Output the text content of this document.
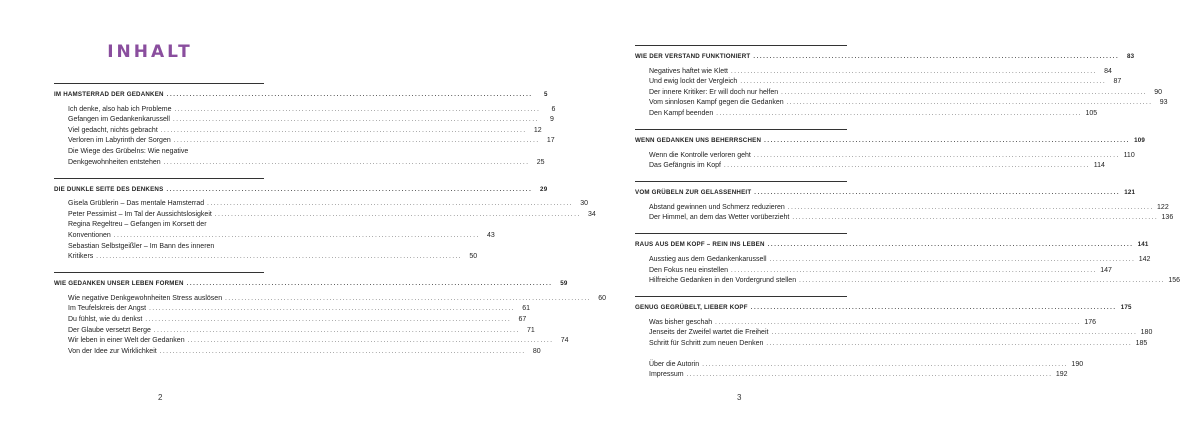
INHALT
IM HAMSTERRAD DER GEDANKEN .....	5
Ich denke, also hab ich Probleme .....	6
Gefangen im Gedankenkarussell .....	9
Viel gedacht, nichts gebracht .....	12
Verloren im Labyrinth der Sorgen .....	17
Die Wiege des Grübelns: Wie negative
Denkgewohnheiten entstehen .....	25
DIE DUNKLE SEITE DES DENKENS .....	29
Gisela Grüblerin – Das mentale Hamsterrad .....	30
Peter Pessimist – Im Tal der Aussichtslosigkeit .....	34
Regina Regeltreu – Gefangen im Korsett der
Konventionen .....	43
Sebastian Selbstgeißler – Im Bann des inneren
Kritikers .....	50
WIE GEDANKEN UNSER LEBEN FORMEN .....	59
Wie negative Denkgewohnheiten Stress auslösen .....	60
Im Teufelskreis der Angst .....	61
Du fühlst, wie du denkst .....	67
Der Glaube versetzt Berge .....	71
Wir leben in einer Welt der Gedanken .....	74
Von der Idee zur Wirklichkeit .....	80
2
WIE DER VERSTAND FUNKTIONIERT .....	83
Negatives haftet wie Klett .....	84
Und ewig lockt der Vergleich .....	87
Der innere Kritiker: Er will doch nur helfen .....	90
Vom sinnlosen Kampf gegen die Gedanken .....	93
Den Kampf beenden .....	105
WENN GEDANKEN UNS BEHERRSCHEN .....	109
Wenn die Kontrolle verloren geht .....	110
Das Gefängnis im Kopf .....	114
VOM GRÜBELN ZUR GELASSENHEIT .....	121
Abstand gewinnen und Schmerz reduzieren .....	122
Der Himmel, an dem das Wetter vorüberzieht .....	136
RAUS AUS DEM KOPF – REIN INS LEBEN .....	141
Ausstieg aus dem Gedankenkarussell .....	142
Den Fokus neu einstellen .....	147
Hilfreiche Gedanken in den Vordergrund stellen .....	156
GENUG GEGRÜBELT, LIEBER KOPF .....	175
Was bisher geschah .....	176
Jenseits der Zweifel wartet die Freiheit .....	180
Schritt für Schritt zum neuen Denken .....	185
Über die Autorin .....	190
Impressum .....	192
3
